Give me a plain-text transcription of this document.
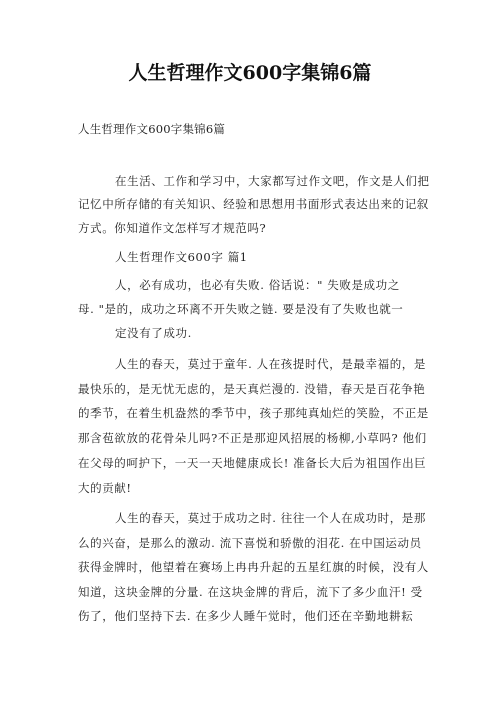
人生哲理作文600字集锦6篇
人生哲理作文600字集锦6篇
在生活、工作和学习中，大家都写过作文吧，作文是人们把
记忆中所存储的有关知识、经验和思想用书面形式表达出来的记叙
方式。你知道作文怎样写才规范吗?
人生哲理作文600字 篇1
人，必有成功，也必有失败. 俗话说：" 失败是成功之
母. "是的，成功之环离不开失败之链. 要是没有了失败也就一
定没有了成功.
人生的春天，莫过于童年. 人在孩提时代，是最幸福的，是
最快乐的，是无忧无虑的，是天真烂漫的. 没错，春天是百花争艳
的季节，在着生机盎然的季节中，孩子那纯真灿烂的笑脸，不正是
那含苞欲放的花骨朵儿吗?不正是那迎风招展的杨柳,小草吗? 他们
在父母的呵护下，一天一天地健康成长! 准备长大后为祖国作出巨
大的贡献!
人生的春天，莫过于成功之时. 往往一个人在成功时，是那
么的兴奋，是那么的激动. 流下喜悦和骄傲的泪花. 在中国运动员
获得金牌时，他望着在赛场上冉冉升起的五星红旗的时候，没有人
知道，这块金牌的分量. 在这块金牌的背后，流下了多少血汗! 受
伤了，他们坚持下去. 在多少人睡午觉时，他们还在辛勤地耕耘
